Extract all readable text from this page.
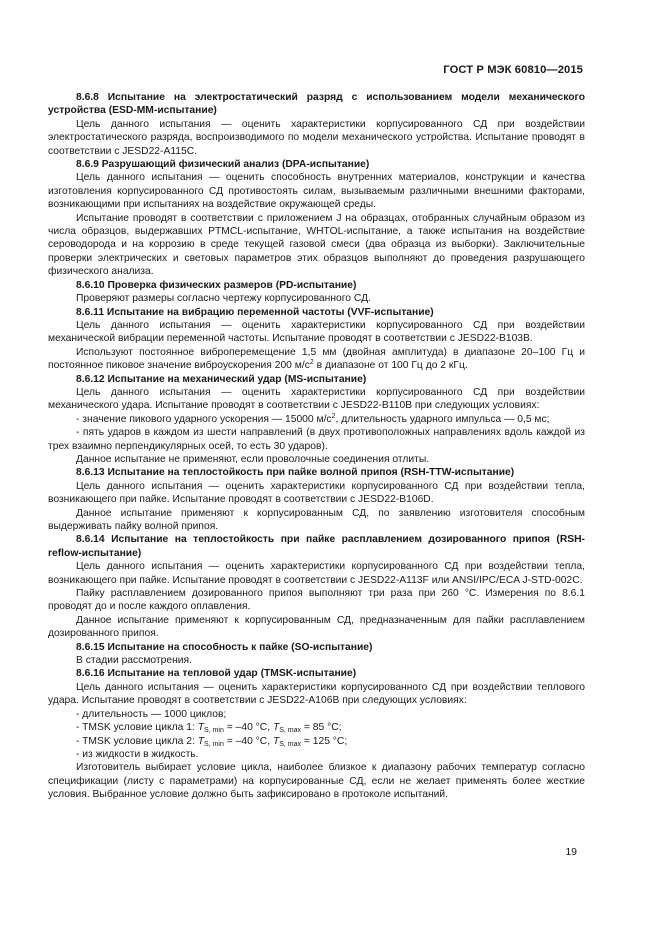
ГОСТ Р МЭК 60810—2015

8.6.8 Испытание на электростатический разряд с использованием модели механического устройства (ESD-MM-испытание)

Цель данного испытания — оценить характеристики корпусированного СД при воздействии электростатического разряда, воспроизводимого по модели механического устройства. Испытание проводят в соответствии с JESD22-A115C.

8.6.9 Разрушающий физический анализ (DPA-испытание)

Цель данного испытания — оценить способность внутренних материалов, конструкции и качества изготовления корпусированного СД противостоять силам, вызываемым различными внешними факторами, возникающими при испытаниях на воздействие окружающей среды.

Испытание проводят в соответствии с приложением J на образцах, отобранных случайным образом из числа образцов, выдержавших PTMCL-испытание, WHTOL-испытание, а также испытания на воздействие сероводорода и на коррозию в среде текущей газовой смеси (два образца из выборки). Заключительные проверки электрических и световых параметров этих образцов выполняют до проведения разрушающего физического анализа.

8.6.10 Проверка физических размеров (PD-испытание)

Проверяют размеры согласно чертежу корпусированного СД.

8.6.11 Испытание на вибрацию переменной частоты (VVF-испытание)

Цель данного испытания — оценить характеристики корпусированного СД при воздействии механической вибрации переменной частоты. Испытание проводят в соответствии с JESD22-B103B.

Используют постоянное виброперемещение 1,5 мм (двойная амплитуда) в диапазоне 20–100 Гц и постоянное пиковое значение виброускорения 200 $м/с^2$ в диапазоне от 100 Гц до 2 кГц.

8.6.12 Испытание на механический удар (MS-испытание)

Цель данного испытания — оценить характеристики корпусированного СД при воздействии механического удара. Испытание проводят в соответствии с JESD22-B110B при следующих условиях:

- значение пикового ударного ускорения — 15000 $м/с^2$, длительность ударного импульса — 0,5 мс;

- пять ударов в каждом из шести направлений (в двух противоположных направлениях вдоль каждой из трех взаимно перпендикулярных осей, то есть 30 ударов).

Данное испытание не применяют, если проволочные соединения отлиты.

8.6.13 Испытание на теплостойкость при пайке волной припоя (RSH-TTW-испытание)

Цель данного испытания — оценить характеристики корпусированного СД при воздействии тепла, возникающего при пайке. Испытание проводят в соответствии с JESD22-B106D.

Данное испытание применяют к корпусированным СД, по заявлению изготовителя способным выдерживать пайку волной припоя.

8.6.14 Испытание на теплостойкость при пайке расплавлением дозированного припоя (RSH-reflow-испытание)

Цель данного испытания — оценить характеристики корпусированного СД при воздействии тепла, возникающего при пайке. Испытание проводят в соответствии с JESD22-A113F или ANSI/IPC/ECA J-STD-002C.

Пайку расплавлением дозированного припоя выполняют три раза при 260 °C. Измерения по 8.6.1 проводят до и после каждого оплавления.

Данное испытание применяют к корпусированным СД, предназначенным для пайки расплавлением дозированного припоя.

8.6.15 Испытание на способность к пайке (SO-испытание)

В стадии рассмотрения.

8.6.16 Испытание на тепловой удар (TMSK-испытание)

Цель данного испытания — оценить характеристики корпусированного СД при воздействии теплового удара. Испытание проводят в соответствии с JESD22-A106B при следующих условиях:

- длительность — 1000 циклов;

- TMSK условие цикла 1: $T_{S, min} = -40$ °C, $T_{S, max} = 85$ °C;

- TMSK условие цикла 2: $T_{S, min} = -40$ °C, $T_{S, max} = 125$ °C;

- из жидкости в жидкость.

Изготовитель выбирает условие цикла, наиболее близкое к диапазону рабочих температур согласно спецификации (листу с параметрами) на корпусированные СД, если не желает применять более жесткие условия. Выбранное условие должно быть зафиксировано в протоколе испытаний.

19
